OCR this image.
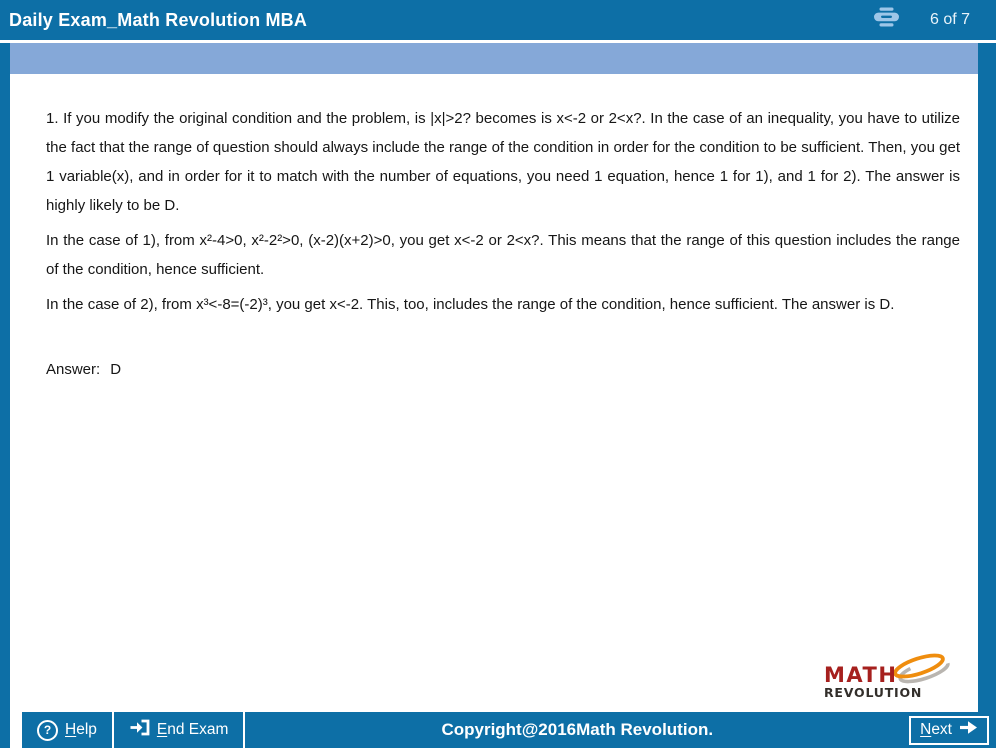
Daily Exam_Math Revolution MBA	6 of 7

1. If you modify the original condition and the problem, is |x|>2? becomes is x<-2 or 2<x?. In the case of an inequality, you have to utilize the fact that the range of question should always include the range of the condition in order for the condition to be sufficient. Then, you get 1 variable(x), and in order for it to match with the number of equations, you need 1 equation, hence 1 for 1), and 1 for 2). The answer is highly likely to be D.

In the case of 1), from x²-4>0, x²-2²>0, (x-2)(x+2)>0, you get x<-2 or 2<x?. This means that the range of this question includes the range of the condition, hence sufficient.

In the case of 2), from x³<-8=(-2)³, you get x<-2. This, too, includes the range of the condition, hence sufficient. The answer is D.

Answer: D
MATH
REVOLUTION
? Help	End Exam	Copyright@2016Math Revolution.	Next
